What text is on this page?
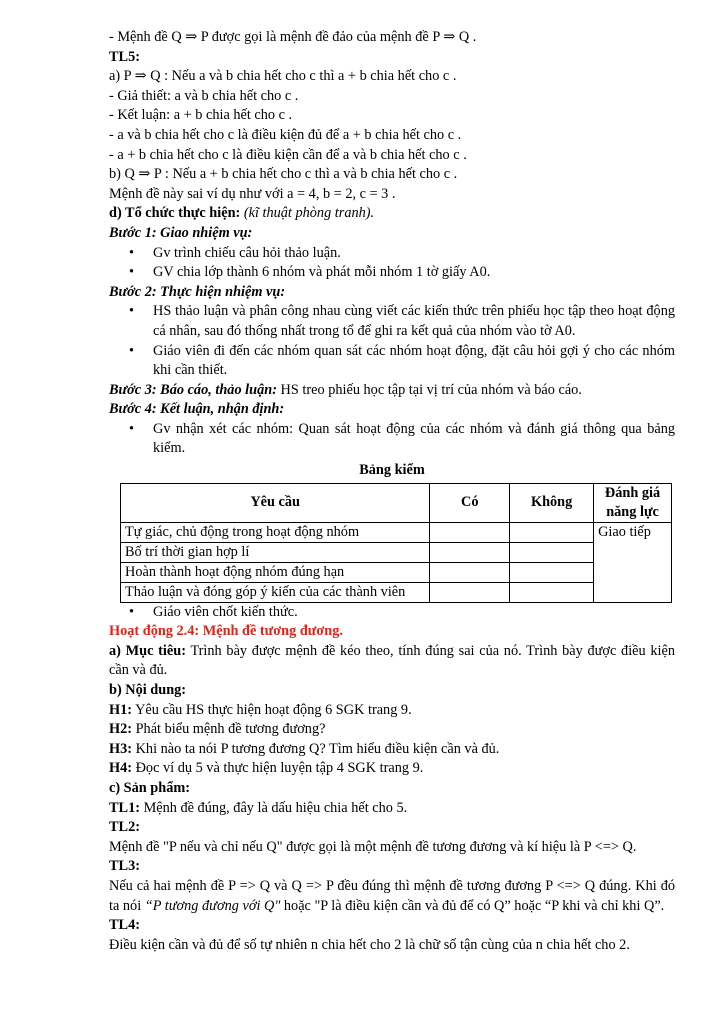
- Mệnh đề Q ⇒ P được gọi là mệnh đề đảo của mệnh đề P ⇒ Q .

TL5:

a) P ⇒ Q : Nếu a và b chia hết cho c thì a + b chia hết cho c .

- Giả thiết: a và b chia hết cho c .

- Kết luận: a + b chia hết cho c .

- a và b chia hết cho c là điều kiện đủ để a + b chia hết cho c .

- a + b chia hết cho c là điều kiện cần để a và b chia hết cho c .

b) Q ⇒ P : Nếu a + b chia hết cho c thì a và b chia hết cho c .

Mệnh đề này sai ví dụ như với a = 4, b = 2, c = 3 .

d) Tổ chức thực hiện: (kĩ thuật phòng tranh).

Bước 1: Giao nhiệm vụ:

• Gv trình chiếu câu hỏi thảo luận.
• GV chia lớp thành 6 nhóm và phát mỗi nhóm 1 tờ giấy A0.

Bước 2: Thực hiện nhiệm vụ:

• HS thảo luận và phân công nhau cùng viết các kiến thức trên phiếu học tập theo hoạt động cá nhân, sau đó thống nhất trong tổ để ghi ra kết quả của nhóm vào tờ A0.
• Giáo viên đi đến các nhóm quan sát các nhóm hoạt động, đặt câu hỏi gợi ý cho các nhóm khi cần thiết.

Bước 3: Báo cáo, thảo luận: HS treo phiếu học tập tại vị trí của nhóm và báo cáo.

Bước 4: Kết luận, nhận định:

• Gv nhận xét các nhóm: Quan sát hoạt động của các nhóm và đánh giá thông qua bảng kiểm.

Bảng kiểm

Yêu cầu	Có	Không	Đánh giá
năng lực
Tự giác, chủ động trong hoạt động nhóm			Giao tiếp
Bố trí thời gian hợp lí			
Hoàn thành hoạt động nhóm đúng hạn			
Thảo luận và đóng góp ý kiến của các thành viên			
• Giáo viên chốt kiến thức.

Hoạt động 2.4: Mệnh đề tương đương.

a) Mục tiêu: Trình bày được mệnh đề kéo theo, tính đúng sai của nó. Trình bày được điều kiện cần và đủ.

b) Nội dung:

H1: Yêu cầu HS thực hiện hoạt động 6 SGK trang 9.

H2: Phát biểu mệnh đề tương đương?

H3: Khi nào ta nói P tương đương Q? Tìm hiểu điều kiện cần và đủ.

H4: Đọc ví dụ 5 và thực hiện luyện tập 4 SGK trang 9.

c) Sản phẩm:

TL1: Mệnh đề đúng, đây là dấu hiệu chia hết cho 5.

TL2:

Mệnh đề "P nếu và chỉ nếu Q" được gọi là một mệnh đề tương đương và kí hiệu là P <=> Q.

TL3:

Nếu cả hai mệnh đề P => Q và Q => P đều đúng thì mệnh đề tương đương P <=> Q đúng. Khi đó ta nói “P tương đương với Q" hoặc "P là điều kiện cần và đủ để có Q” hoặc “P khi và chỉ khi Q”.

TL4:

Điều kiện cần và đủ để số tự nhiên n chia hết cho 2 là chữ số tận cùng của n chia hết cho 2.
